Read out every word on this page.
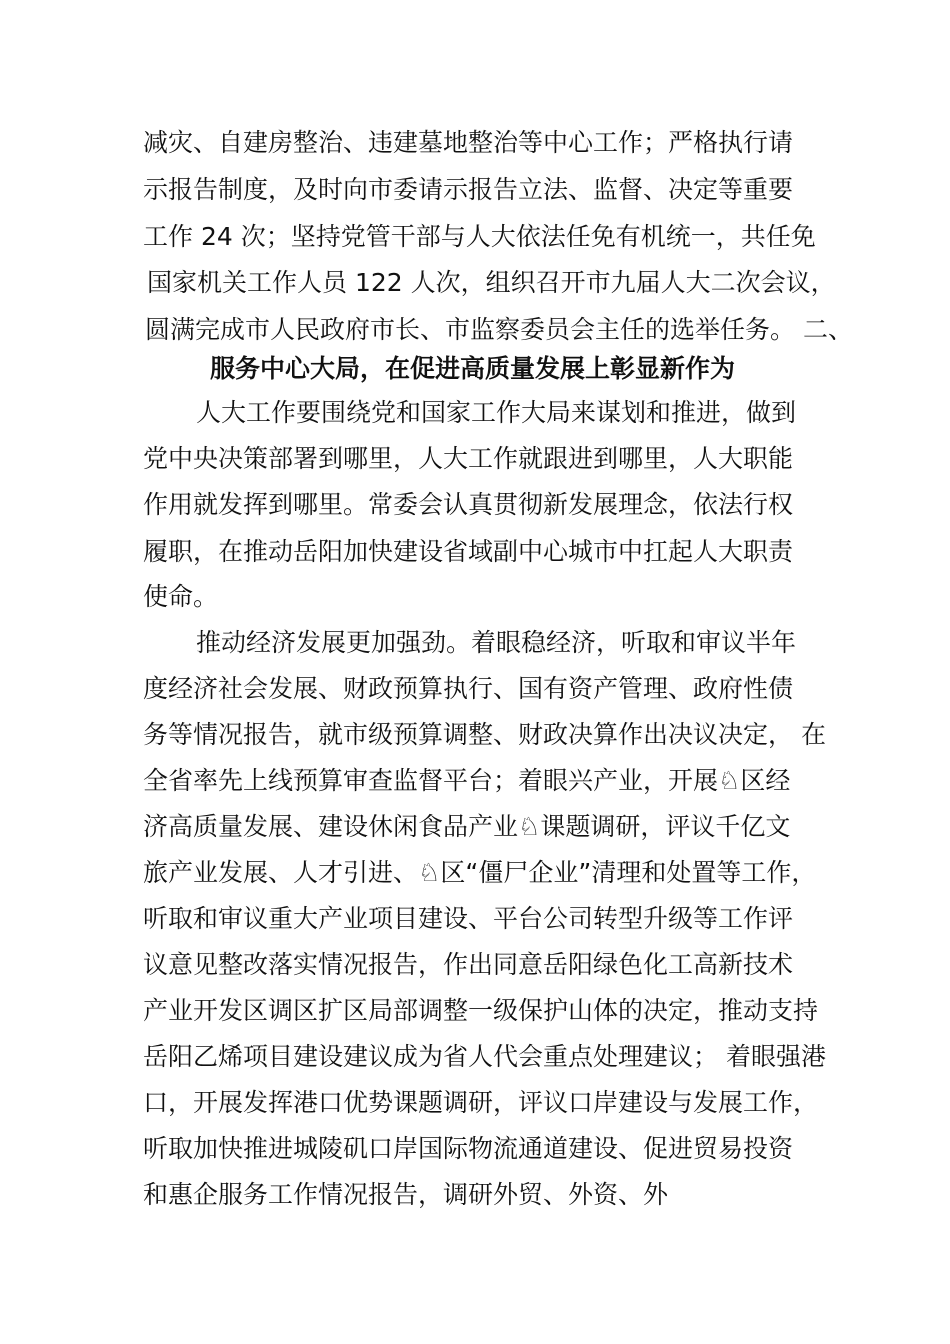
减灾、自建房整治、违建墓地整治等中心工作；严格执行请
示报告制度，及时向市委请示报告立法、监督、决定等重要
工作 24 次；坚持党管干部与人大依法任免有机统一，共任免
国家机关工作人员 122 人次，组织召开市九届人大二次会议，
圆满完成市人民政府市长、市监察委员会主任的选举任务。 二、
服务中心大局，在促进高质量发展上彰显新作为
人大工作要围绕党和国家工作大局来谋划和推进，做到
党中央决策部署到哪里，人大工作就跟进到哪里，人大职能
作用就发挥到哪里。常委会认真贯彻新发展理念，依法行权
履职，在推动岳阳加快建设省域副中心城市中扛起人大职责
使命。
推动经济发展更加强劲。着眼稳经济，听取和审议半年
度经济社会发展、财政预算执行、国有资产管理、政府性债
务等情况报告，就市级预算调整、财政决算作出决议决定， 在
全省率先上线预算审查监督平台；着眼兴产业，开展♘区经
济高质量发展、建设休闲食品产业♘课题调研，评议千亿文
旅产业发展、人才引进、♘区“僵尸企业”清理和处置等工作，
听取和审议重大产业项目建设、平台公司转型升级等工作评
议意见整改落实情况报告，作出同意岳阳绿色化工高新技术
产业开发区调区扩区局部调整一级保护山体的决定，推动支持
岳阳乙烯项目建设建议成为省人代会重点处理建议； 着眼强港
口，开展发挥港口优势课题调研，评议口岸建设与发展工作，
听取加快推进城陵矶口岸国际物流通道建设、促进贸易投资
和惠企服务工作情况报告，调研外贸、外资、外
